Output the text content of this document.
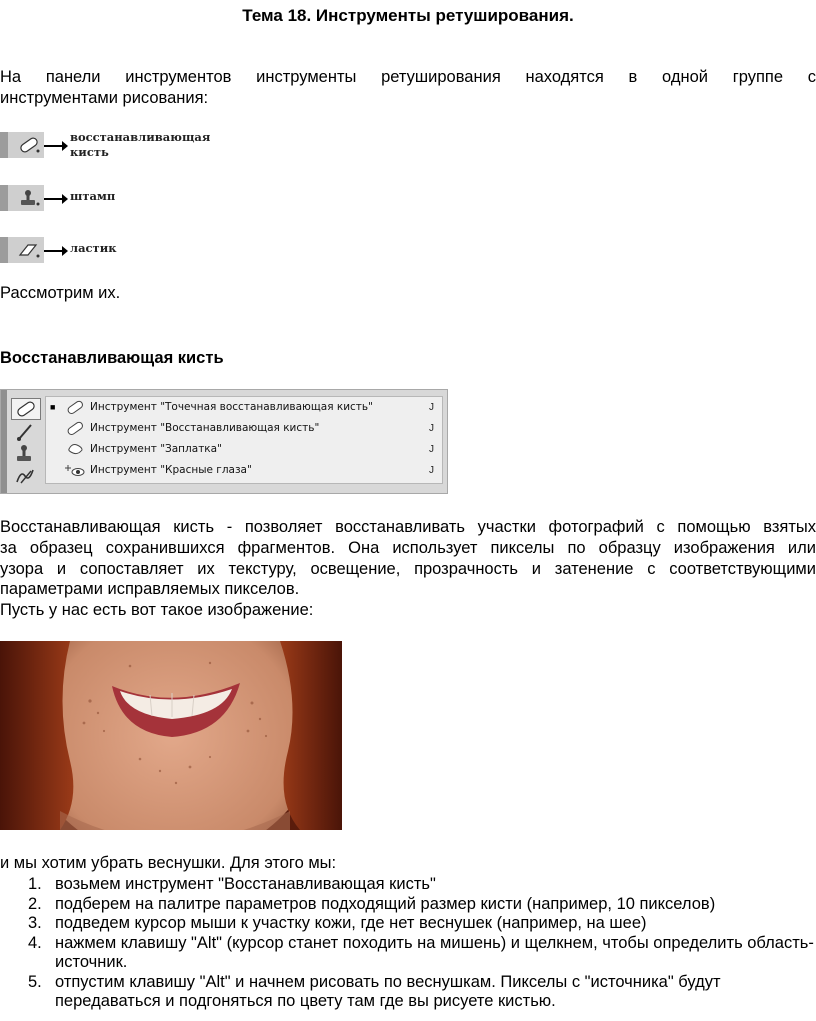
Тема 18. Инструменты ретуширования.
На панели инструментов инструменты ретуширования находятся в одной группе с
инструментами рисования:
восстанавливающая
кисть
штамп
ластик
Рассмотрим их.
Восстанавливающая кисть
■	Инструмент "Точечная восстанавливающая кисть"	J
Инструмент "Восстанавливающая кисть"	J
Инструмент "Заплатка"	J
Инструмент "Красные глаза"	J
Восстанавливающая кисть - позволяет восстанавливать участки фотографий с помощью взятых
за образец сохранившихся фрагментов. Она использует пикселы по образцу изображения или
узора и сопоставляет их текстуру, освещение, прозрачность и затенение с соответствующими
параметрами исправляемых пикселов.
Пусть у нас есть вот такое изображение:
и мы хотим убрать веснушки. Для этого мы:
1. возьмем инструмент "Восстанавливающая кисть"
2. подберем на палитре параметров подходящий размер кисти (например, 10 пикселов)
3. подведем курсор мыши к участку кожи, где нет веснушек (например, на шее)
4. нажмем клавишу "Alt" (курсор станет походить на мишень) и щелкнем, чтобы определить область-источник.
5. отпустим клавишу "Alt" и начнем рисовать по веснушкам. Пикселы с "источника" будут передаваться и подгоняться по цвету там где вы рисуете кистью.
